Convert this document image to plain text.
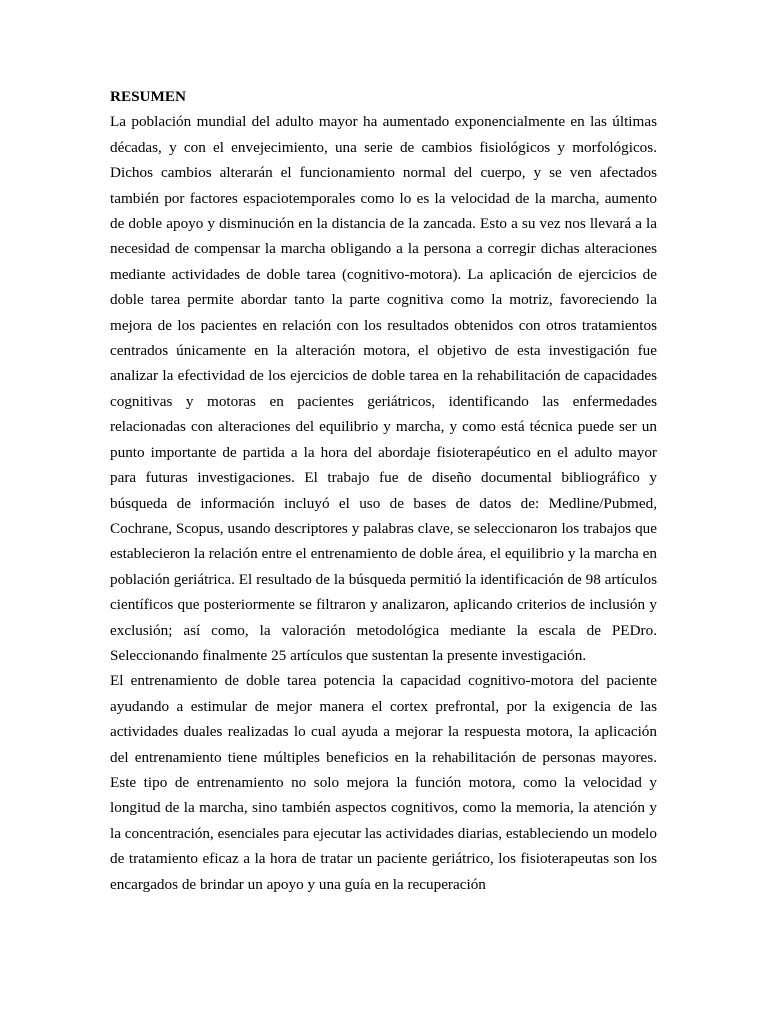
RESUMEN

La población mundial del adulto mayor ha aumentado exponencialmente en las últimas décadas, y con el envejecimiento, una serie de cambios fisiológicos y morfológicos. Dichos cambios alterarán el funcionamiento normal del cuerpo, y se ven afectados también por factores espaciotemporales como lo es la velocidad de la marcha, aumento de doble apoyo y disminución en la distancia de la zancada. Esto a su vez nos llevará a la necesidad de compensar la marcha obligando a la persona a corregir dichas alteraciones mediante actividades de doble tarea (cognitivo-motora). La aplicación de ejercicios de doble tarea permite abordar tanto la parte cognitiva como la motriz, favoreciendo la mejora de los pacientes en relación con los resultados obtenidos con otros tratamientos centrados únicamente en la alteración motora, el objetivo de esta investigación fue analizar la efectividad de los ejercicios de doble tarea en la rehabilitación de capacidades cognitivas y motoras en pacientes geriátricos, identificando las enfermedades relacionadas con alteraciones del equilibrio y marcha, y como está técnica puede ser un punto importante de partida a la hora del abordaje fisioterapéutico en el adulto mayor para futuras investigaciones. El trabajo fue de diseño documental bibliográfico y búsqueda de información incluyó el uso de bases de datos de: Medline/Pubmed, Cochrane, Scopus, usando descriptores y palabras clave, se seleccionaron los trabajos que establecieron la relación entre el entrenamiento de doble área, el equilibrio y la marcha en población geriátrica. El resultado de la búsqueda permitió la identificación de 98 artículos científicos que posteriormente se filtraron y analizaron, aplicando criterios de inclusión y exclusión; así como, la valoración metodológica mediante la escala de PEDro. Seleccionando finalmente 25 artículos que sustentan la presente investigación.

El entrenamiento de doble tarea potencia la capacidad cognitivo-motora del paciente ayudando a estimular de mejor manera el cortex prefrontal, por la exigencia de las actividades duales realizadas lo cual ayuda a mejorar la respuesta motora, la aplicación del entrenamiento tiene múltiples beneficios en la rehabilitación de personas mayores. Este tipo de entrenamiento no solo mejora la función motora, como la velocidad y longitud de la marcha, sino también aspectos cognitivos, como la memoria, la atención y la concentración, esenciales para ejecutar las actividades diarias, estableciendo un modelo de tratamiento eficaz a la hora de tratar un paciente geriátrico, los fisioterapeutas son los encargados de brindar un apoyo y una guía en la recuperación
